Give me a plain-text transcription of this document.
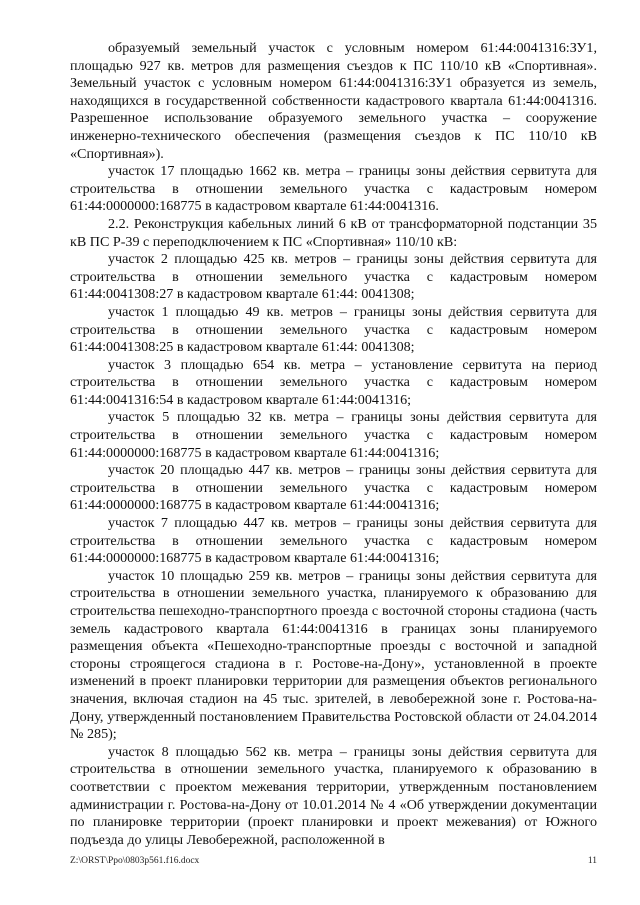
образуемый земельный участок с условным номером 61:44:0041316:ЗУ1, площадью 927 кв. метров для размещения съездов к ПС 110/10 кВ «Спортивная». Земельный участок с условным номером 61:44:0041316:ЗУ1 образуется из земель, находящихся в государственной собственности кадастрового квартала 61:44:0041316. Разрешенное использование образуемого земельного участка – сооружение инженерно-технического обеспечения (размещения съездов к ПС 110/10 кВ «Спортивная»).

участок 17 площадью 1662 кв. метра – границы зоны действия сервитута для строительства в отношении земельного участка с кадастровым номером 61:44:0000000:168775 в кадастровом квартале 61:44:0041316.

2.2. Реконструкция кабельных линий 6 кВ от трансформаторной подстанции 35 кВ ПС Р-39 с переподключением к ПС «Спортивная» 110/10 кВ:

участок 2 площадью 425 кв. метров – границы зоны действия сервитута для строительства в отношении земельного участка с кадастровым номером 61:44:0041308:27 в кадастровом квартале 61:44: 0041308;

участок 1 площадью 49 кв. метров – границы зоны действия сервитута для строительства в отношении земельного участка с кадастровым номером 61:44:0041308:25 в кадастровом квартале 61:44: 0041308;

участок 3 площадью 654 кв. метра – установление сервитута на период строительства в отношении земельного участка с кадастровым номером 61:44:0041316:54 в кадастровом квартале 61:44:0041316;

участок 5 площадью 32 кв. метра – границы зоны действия сервитута для строительства в отношении земельного участка с кадастровым номером 61:44:0000000:168775 в кадастровом квартале 61:44:0041316;

участок 20 площадью 447 кв. метров – границы зоны действия сервитута для строительства в отношении земельного участка с кадастровым номером 61:44:0000000:168775 в кадастровом квартале 61:44:0041316;

участок 7 площадью 447 кв. метров – границы зоны действия сервитута для строительства в отношении земельного участка с кадастровым номером 61:44:0000000:168775 в кадастровом квартале 61:44:0041316;

участок 10 площадью 259 кв. метров – границы зоны действия сервитута для строительства в отношении земельного участка, планируемого к образованию для строительства пешеходно-транспортного проезда с восточной стороны стадиона (часть земель кадастрового квартала 61:44:0041316 в границах зоны планируемого размещения объекта «Пешеходно-транспортные проезды с восточной и западной стороны строящегося стадиона в г. Ростове-на-Дону», установленной в проекте изменений в проект планировки территории для размещения объектов регионального значения, включая стадион на 45 тыс. зрителей, в левобережной зоне г. Ростова-на-Дону, утвержденный постановлением Правительства Ростовской области от 24.04.2014 № 285);

участок 8 площадью 562 кв. метра – границы зоны действия сервитута для строительства в отношении земельного участка, планируемого к образованию в соответствии с проектом межевания территории, утвержденным постановлением администрации г. Ростова-на-Дону от 10.01.2014 № 4 «Об утверждении документации по планировке территории (проект планировки и проект межевания) от Южного подъезда до улицы Левобережной, расположенной в

Z:\ORST\Ppo\0803p561.f16.docx	11
